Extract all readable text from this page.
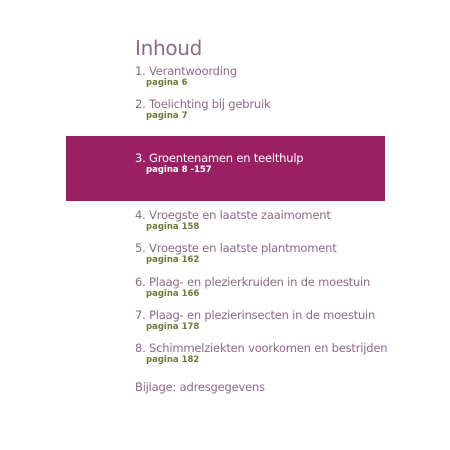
Inhoud
1. Verantwoording
pagina 6
2. Toelichting bij gebruik
pagina 7
3. Groentenamen en teelthulp
pagina 8 -157
4. Vroegste en laatste zaaimoment
pagina 158
5. Vroegste en laatste plantmoment
pagina 162
6. Plaag- en plezierkruiden in de moestuin
pagina 166
7. Plaag- en plezierinsecten in de moestuin
pagina 178
8. Schimmelziekten voorkomen en bestrijden
pagina 182
Bijlage: adresgegevens
